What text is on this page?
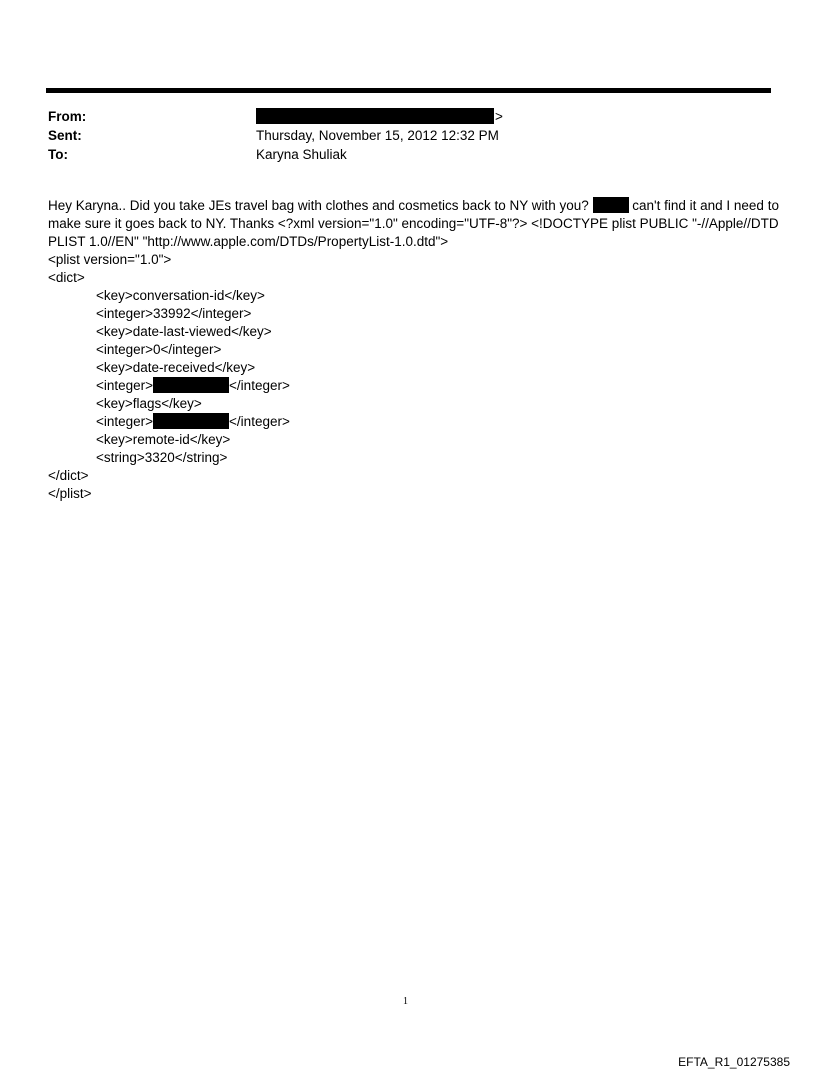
From:	>
Sent:	Thursday, November 15, 2012 12:32 PM
To:	Karyna Shuliak
Hey Karyna.. Did you take JEs travel bag with clothes and cosmetics back to NY with you?	can't find it and I need to
make sure it goes back to NY. Thanks <?xml version="1.0" encoding="UTF-8"?> <!DOCTYPE plist PUBLIC "-//Apple//DTD
PLIST 1.0//EN" "http://www.apple.com/DTDs/PropertyList-1.0.dtd">
<plist version="1.0">
<dict>
<key>conversation-id</key>
<integer>33992</integer>
<key>date-last-viewed</key>
<integer>0</integer>
<key>date-received</key>
<integer>	</integer>
<key>flags</key>
<integer>	</integer>
<key>remote-id</key>
<string>3320</string>
</dict>
</plist>
1
EFTA_R1_01275385
